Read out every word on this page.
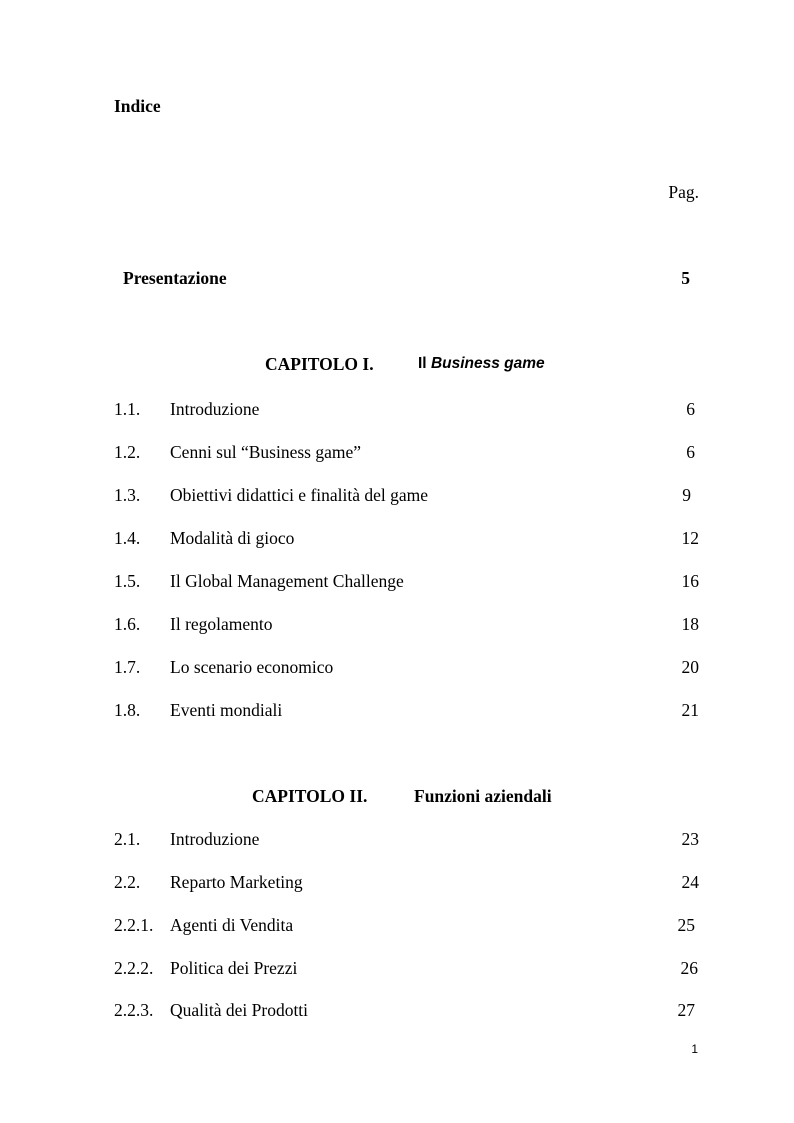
Indice
Pag.
Presentazione	5
CAPITOLO I.	Il Business game
1.1. Introduzione	6
1.2. Cenni sul “Business game”	6
1.3. Obiettivi didattici e finalità del game	9
1.4. Modalità di gioco	12
1.5. Il Global Management Challenge	16
1.6. Il regolamento	18
1.7. Lo scenario economico	20
1.8. Eventi mondiali	21
CAPITOLO II.	Funzioni aziendali
2.1. Introduzione	23
2.2. Reparto Marketing	24
2.2.1. Agenti di Vendita	25
2.2.2. Politica dei Prezzi	26
2.2.3. Qualità dei Prodotti	27
1
